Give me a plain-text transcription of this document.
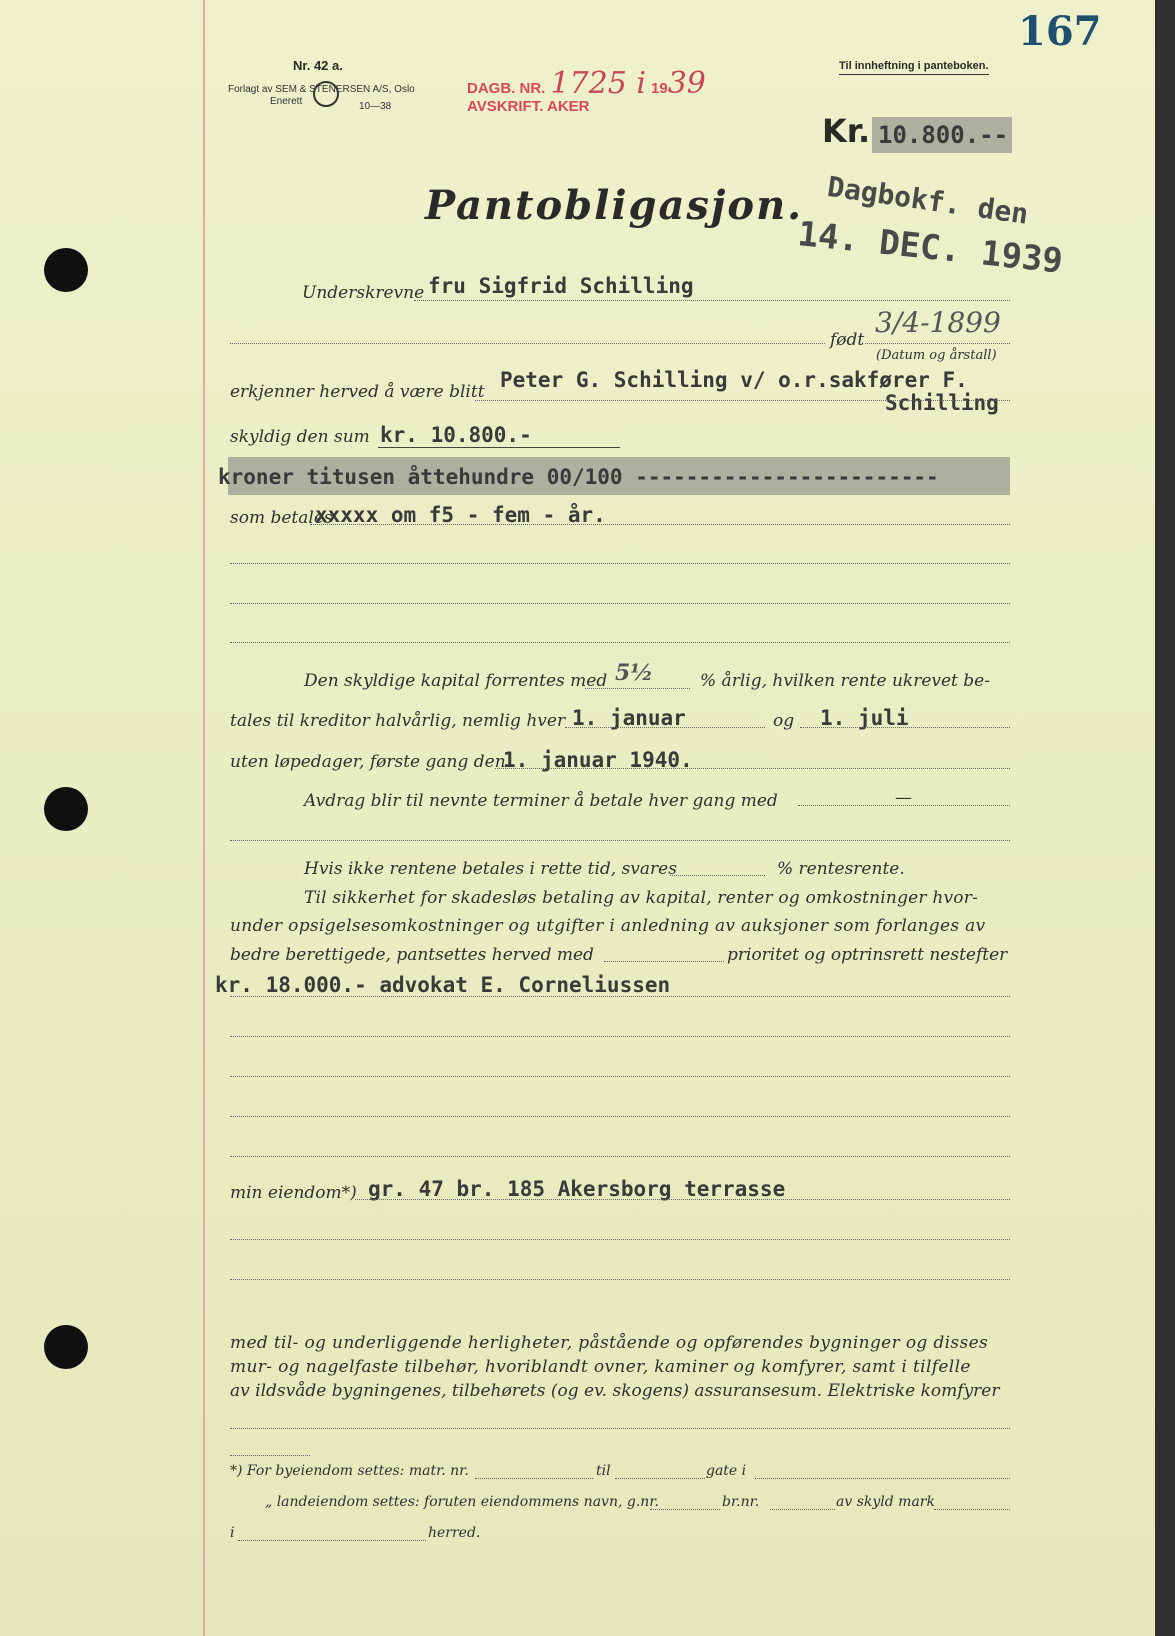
Nr. 42 a.
Forlagt av SEM & STENERSEN A/S, Oslo
Enerett	10—38
DAGB. NR. 1725 i 1939
AVSKRIFT. AKER
Til innheftning i panteboken.
167
Kr. 10.800.--
Pantobligasjon. Dagbokf. den
14. DEC. 1939
Underskrevne fru Sigfrid Schilling
født
3/4-1899
(Datum og årstall)
erkjenner herved å være blitt Peter G. Schilling v/ o.r.sakfører F.
Schilling
skyldig den sum kr. 10.800.-
kroner titusen åttehundre 00/100 ------------------------
som betales
xxxxx om f5 - fem - år.
Den skyldige kapital forrentes med 5½	% årlig, hvilken rente ukrevet be-
tales til kreditor halvårlig, nemlig hver 1. januar	og 1. juli
uten løpedager, første gang den
1. januar 1940.
Avdrag blir til nevnte terminer å betale hver gang med	—
Hvis ikke rentene betales i rette tid, svares	% rentesrente.
Til sikkerhet for skadesløs betaling av kapital, renter og omkostninger hvor-
under opsigelsesomkostninger og utgifter i anledning av auksjoner som forlanges av
bedre berettigede, pantsettes herved med	prioritet og optrinsrett nestefter
kr. 18.000.- advokat E. Corneliussen
min eiendom*) gr. 47 br. 185 Akersborg terrasse
med til- og underliggende herligheter, påstående og opførendes bygninger og disses
mur- og nagelfaste tilbehør, hvoriblandt ovner, kaminer og komfyrer, samt i tilfelle
av ildsvåde bygningenes, tilbehørets (og ev. skogens) assuransesum. Elektriske komfyrer
*) For byeiendom settes: matr. nr.	til	gate i
„ landeiendom settes: foruten eiendommens navn, g.nr.	br.nr.	av skyld mark
i	herred.
